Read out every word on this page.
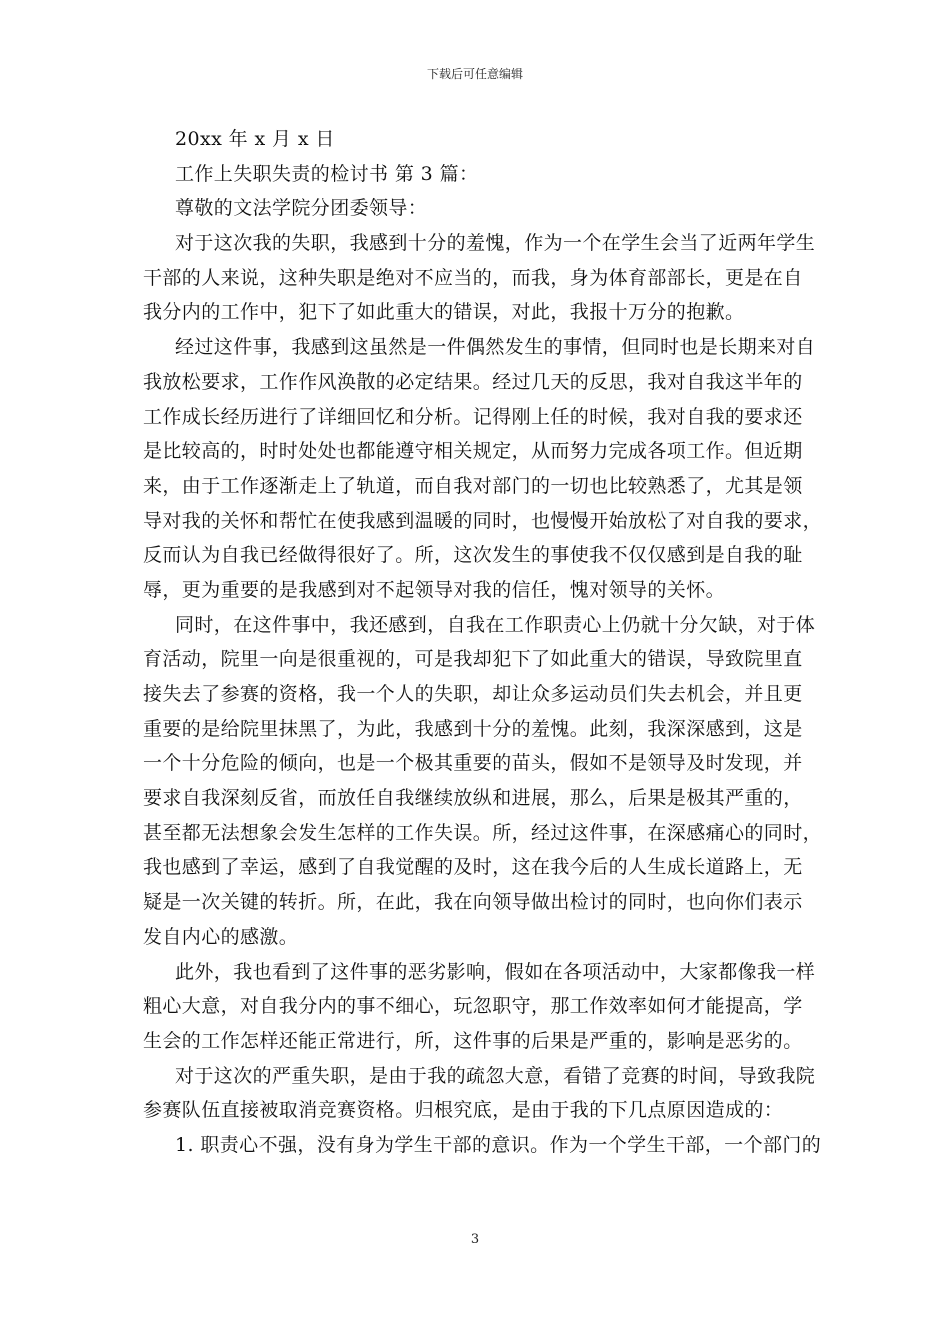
下载后可任意编辑
20xx 年 x 月 x 日
工作上失职失责的检讨书 第 3 篇：
尊敬的文法学院分团委领导：
对于这次我的失职，我感到十分的羞愧，作为一个在学生会当了近两年学生
干部的人来说，这种失职是绝对不应当的，而我，身为体育部部长，更是在自
我分内的工作中，犯下了如此重大的错误，对此，我报十万分的抱歉。
经过这件事，我感到这虽然是一件偶然发生的事情，但同时也是长期来对自
我放松要求，工作作风涣散的必定结果。经过几天的反思，我对自我这半年的
工作成长经历进行了详细回忆和分析。记得刚上任的时候，我对自我的要求还
是比较高的，时时处处也都能遵守相关规定，从而努力完成各项工作。但近期
来，由于工作逐渐走上了轨道，而自我对部门的一切也比较熟悉了，尤其是领
导对我的关怀和帮忙在使我感到温暖的同时，也慢慢开始放松了对自我的要求，
反而认为自我已经做得很好了。所，这次发生的事使我不仅仅感到是自我的耻
辱，更为重要的是我感到对不起领导对我的信任，愧对领导的关怀。
同时，在这件事中，我还感到，自我在工作职责心上仍就十分欠缺，对于体
育活动，院里一向是很重视的，可是我却犯下了如此重大的错误，导致院里直
接失去了参赛的资格，我一个人的失职，却让众多运动员们失去机会，并且更
重要的是给院里抹黑了，为此，我感到十分的羞愧。此刻，我深深感到，这是
一个十分危险的倾向，也是一个极其重要的苗头，假如不是领导及时发现，并
要求自我深刻反省，而放任自我继续放纵和进展，那么，后果是极其严重的，
甚至都无法想象会发生怎样的工作失误。所，经过这件事，在深感痛心的同时，
我也感到了幸运，感到了自我觉醒的及时，这在我今后的人生成长道路上，无
疑是一次关键的转折。所，在此，我在向领导做出检讨的同时，也向你们表示
发自内心的感激。
此外，我也看到了这件事的恶劣影响，假如在各项活动中，大家都像我一样
粗心大意，对自我分内的事不细心，玩忽职守，那工作效率如何才能提高，学
生会的工作怎样还能正常进行，所，这件事的后果是严重的，影响是恶劣的。
对于这次的严重失职，是由于我的疏忽大意，看错了竞赛的时间，导致我院
参赛队伍直接被取消竞赛资格。归根究底，是由于我的下几点原因造成的：
1. 职责心不强，没有身为学生干部的意识。作为一个学生干部，一个部门的
3
